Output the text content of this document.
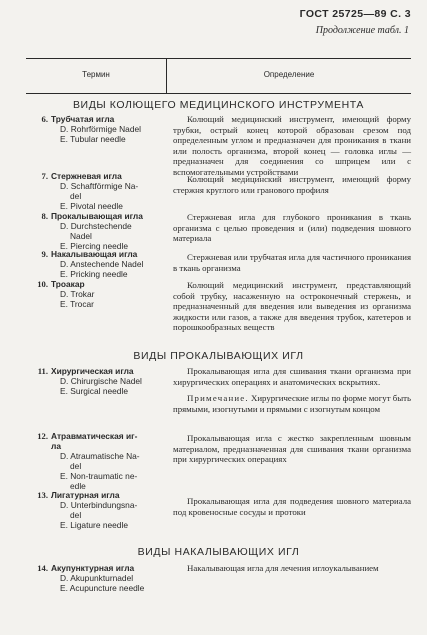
ГОСТ 25725—89 С. 3
Продолжение табл. 1
Термин	Определение
ВИДЫ КОЛЮЩЕГО МЕДИЦИНСКОГО ИНСТРУМЕНТА
6. Трубчатая игла
D. Rohrförmige Nadel
E. Tubular needle

Колющий медицинский инструмент, имеющий форму трубки, острый конец которой образован срезом под определенным углом и предназначен для проникания в ткани или полость организма, второй конец — головка иглы — предназначен для соединения со шприцем или с вспомогательными устройствами

7. Стержневая игла
D. Schaftförmige Na-
del
E. Pivotal needle

Колющий медицинский инструмент, имеющий форму стержня круглого или гранового профиля

8. Прокалывающая игла
D. Durchstechende
Nadel
E. Piercing needle

Стержневая игла для глубокого проникания в ткань организма с целью проведения и (или) подведения шовного материала

9. Накалывающая игла
D. Anstechende Nadel
E. Pricking needle

Стержневая или трубчатая игла для частичного проникания в ткань организма

10. Троакар
D. Trokar
E. Trocar

Колющий медицинский инструмент, представляющий собой трубку, насаженную на остроконечный стержень, и предназначенный для введения или выведения из организма жидкости или газов, а также для введения трубок, катетеров и порошкообразных веществ

ВИДЫ ПРОКАЛЫВАЮЩИХ ИГЛ
11. Хирургическая игла
D. Chirurgische Nadel
E. Surgical needle

Прокалывающая игла для сшивания ткани организма при хирургических операциях и анатомических вскрытиях.

Примечание. Хирургические иглы по форме могут быть прямыми, изогнутыми и прямыми с изогнутым концом

12. Атравматическая иг-
ла
D. Atraumatische Na-
del
E. Non-traumatic ne-
edle

Прокалывающая игла с жестко закрепленным шовным материалом, предназначенная для сшивания ткани организма при хирургических операциях

13. Лигатурная игла
D. Unterbindungsna-
del
E. Ligature needle

Прокалывающая игла для подведения шовного материала под кровеносные сосуды и протоки

ВИДЫ НАКАЛЫВАЮЩИХ ИГЛ
14. Акупунктурная игла
D. Akupunkturnadel
E. Acupuncture needle

Накалывающая игла для лечения иглоукалыванием
